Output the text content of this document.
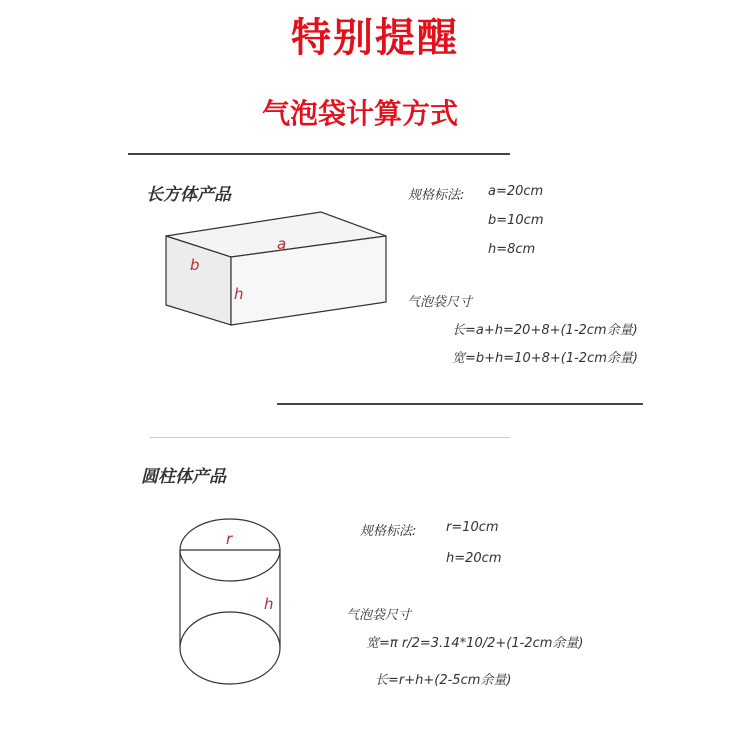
特别提醒
气泡袋计算方式
长方体产品
a
b
h
规格标法: a=20cm
b=10cm
h=8cm
气泡袋尺寸
长=a+h=20+8+(1-2cm余量)
宽=b+h=10+8+(1-2cm余量)
圆柱体产品
r
h
规格标法: r=10cm
h=20cm
气泡袋尺寸
宽=π r/2=3.14*10/2+(1-2cm余量)
长=r+h+(2-5cm余量)
